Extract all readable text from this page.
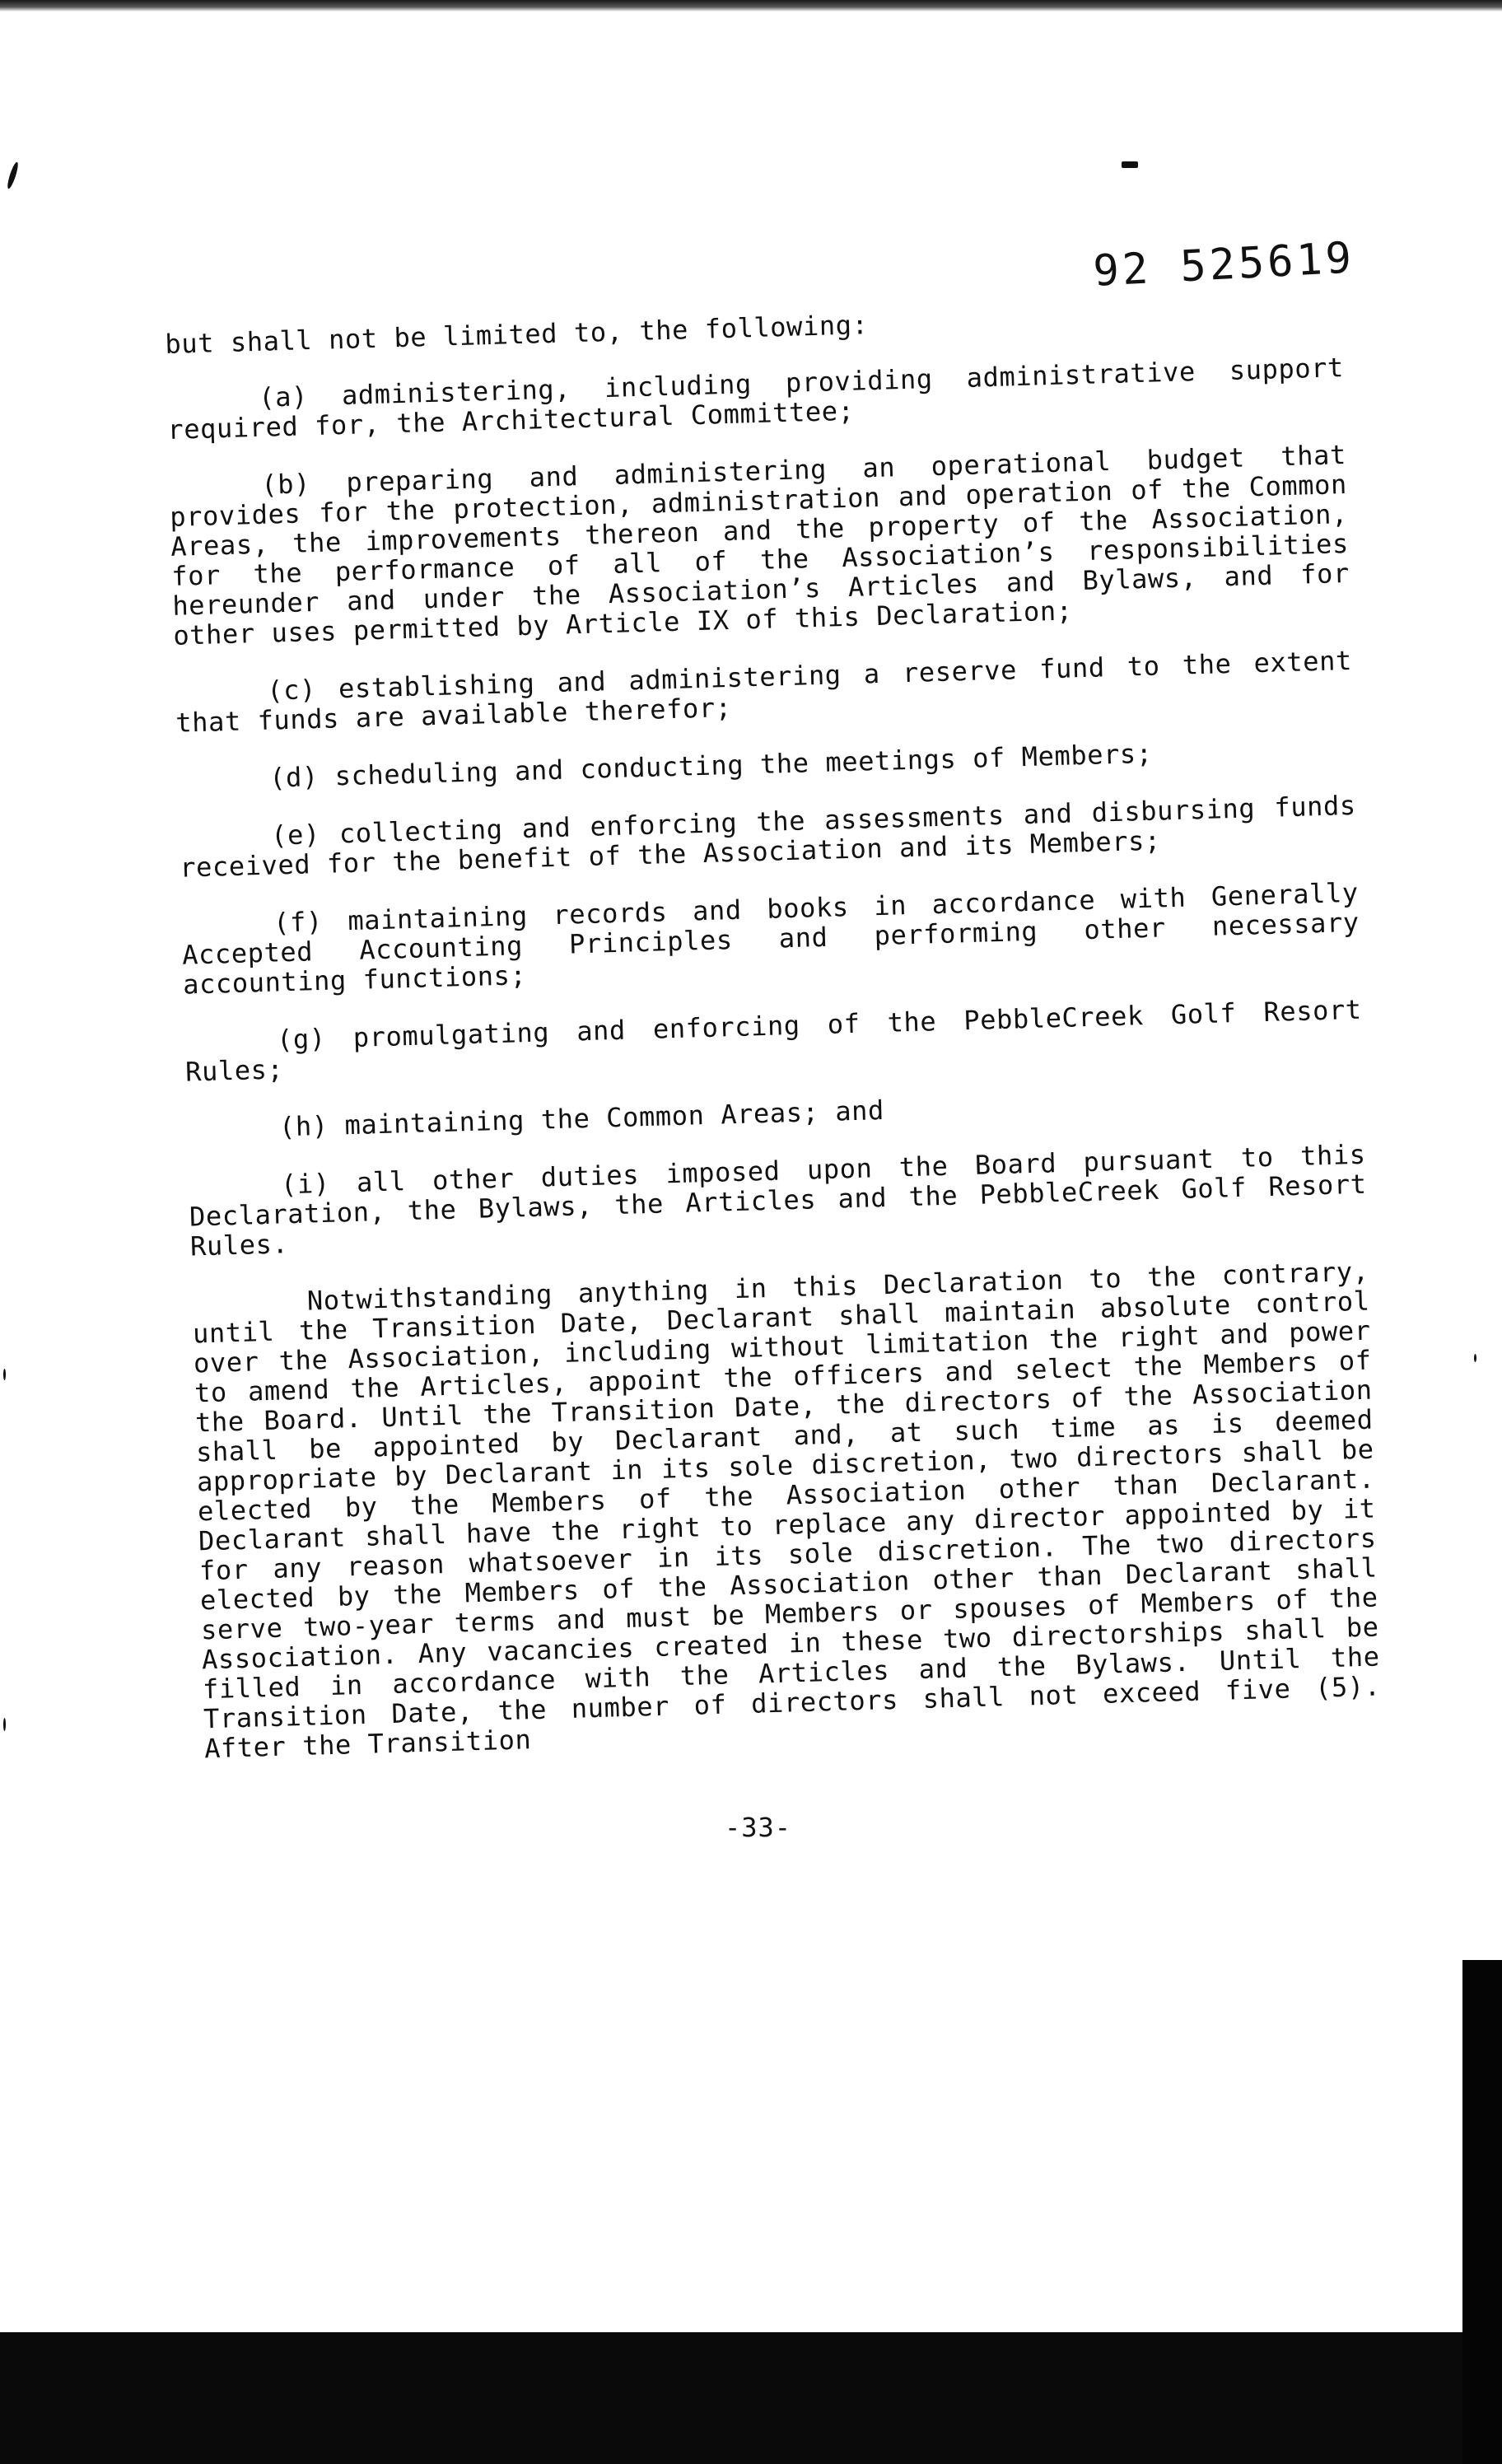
92 525619

but shall not be limited to, the following:

(a) administering, including providing administrative support required for, the Architectural Committee;

(b) preparing and administering an operational budget that provides for the protection, administration and operation of the Common Areas, the improvements thereon and the property of the Association, for the performance of all of the Association’s responsibilities hereunder and under the Association’s Articles and Bylaws, and for other uses permitted by Article IX of this Declaration;

(c) establishing and administering a reserve fund to the extent that funds are available therefor;

(d) scheduling and conducting the meetings of Members;

(e) collecting and enforcing the assessments and disbursing funds received for the benefit of the Association and its Members;

(f) maintaining records and books in accordance with Generally Accepted Accounting Principles and performing other necessary accounting functions;

(g) promulgating and enforcing of the PebbleCreek Golf Resort Rules;

(h) maintaining the Common Areas; and

(i) all other duties imposed upon the Board pursuant to this Declaration, the Bylaws, the Articles and the PebbleCreek Golf Resort Rules.

Notwithstanding anything in this Declaration to the contrary, until the Transition Date, Declarant shall maintain absolute control over the Association, including without limitation the right and power to amend the Articles, appoint the officers and select the Members of the Board. Until the Transition Date, the directors of the Association shall be appointed by Declarant and, at such time as is deemed appropriate by Declarant in its sole discretion, two directors shall be elected by the Members of the Association other than Declarant. Declarant shall have the right to replace any director appointed by it for any reason whatsoever in its sole discretion. The two directors elected by the Members of the Association other than Declarant shall serve two-year terms and must be Members or spouses of Members of the Association. Any vacancies created in these two directorships shall be filled in accordance with the Articles and the Bylaws. Until the Transition Date, the number of directors shall not exceed five (5). After the Transition

-33-
